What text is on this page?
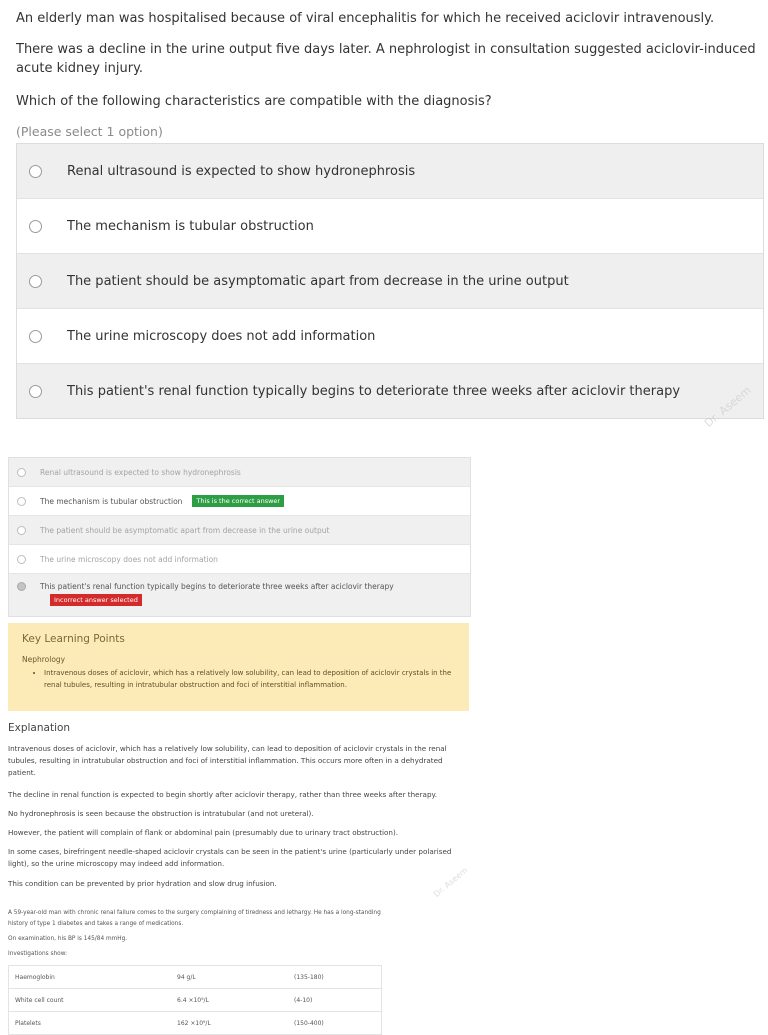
An elderly man was hospitalised because of viral encephalitis for which he received aciclovir intravenously.
There was a decline in the urine output five days later. A nephrologist in consultation suggested aciclovir-induced acute kidney injury.
Which of the following characteristics are compatible with the diagnosis?
(Please select 1 option)
Renal ultrasound is expected to show hydronephrosis
The mechanism is tubular obstruction
The patient should be asymptomatic apart from decrease in the urine output
The urine microscopy does not add information
This patient's renal function typically begins to deteriorate three weeks after aciclovir therapy
Renal ultrasound is expected to show hydronephrosis
The mechanism is tubular obstruction	This is the correct answer
The patient should be asymptomatic apart from decrease in the urine output
The urine microscopy does not add information
This patient's renal function typically begins to deteriorate three weeks after aciclovir therapy
Incorrect answer selected
Key Learning Points
Nephrology
• Intravenous doses of aciclovir, which has a relatively low solubility, can lead to deposition of aciclovir crystals in the renal tubules, resulting in intratubular obstruction and foci of interstitial inflammation.
Explanation
Intravenous doses of aciclovir, which has a relatively low solubility, can lead to deposition of aciclovir crystals in the renal tubules, resulting in intratubular obstruction and foci of interstitial inflammation. This occurs more often in a dehydrated patient.
The decline in renal function is expected to begin shortly after aciclovir therapy, rather than three weeks after therapy.
No hydronephrosis is seen because the obstruction is intratubular (and not ureteral).
However, the patient will complain of flank or abdominal pain (presumably due to urinary tract obstruction).
In some cases, birefringent needle-shaped aciclovir crystals can be seen in the patient's urine (particularly under polarised light), so the urine microscopy may indeed add information.
This condition can be prevented by prior hydration and slow drug infusion.
A 59-year-old man with chronic renal failure comes to the surgery complaining of tiredness and lethargy. He has a long-standing history of type 1 diabetes and takes a range of medications.
On examination, his BP is 145/84 mmHg.
Investigations show:
Haemoglobin	94 g/L	(135-180)
White cell count	6.4 ×10⁹/L	(4-10)
Platelets	162 ×10⁹/L	(150-400)
Dr. Aseem
Dr. Aseem
